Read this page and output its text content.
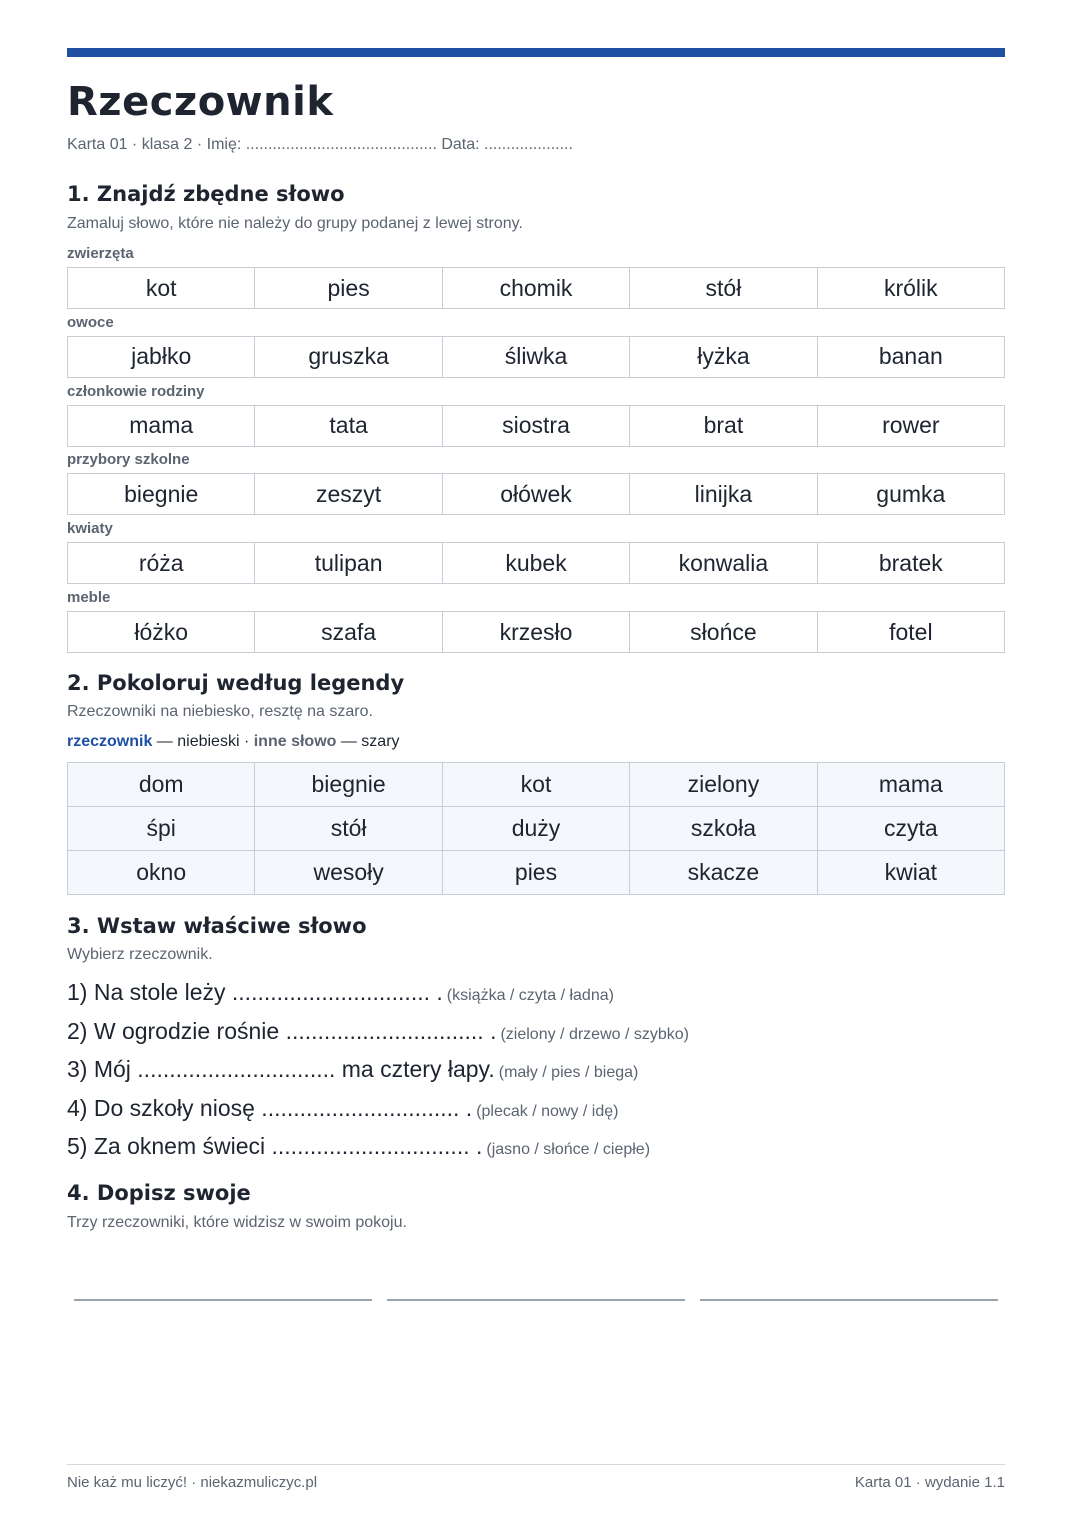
Rzeczownik
Karta 01 · klasa 2 · Imię: ........................................... Data: ....................
1. Znajdź zbędne słowo
Zamaluj słowo, które nie należy do grupy podanej z lewej strony.
zwierzęta
kot	pies	chomik	stół	królik
owoce
jabłko	gruszka	śliwka	łyżka	banan
członkowie rodziny
mama	tata	siostra	brat	rower
przybory szkolne
biegnie	zeszyt	ołówek	linijka	gumka
kwiaty
róża	tulipan	kubek	konwalia	bratek
meble
łóżko	szafa	krzesło	słońce	fotel
2. Pokoloruj według legendy
Rzeczowniki na niebiesko, resztę na szaro.
rzeczownik — niebieski · inne słowo — szary
dom	biegnie	kot	zielony	mama
śpi	stół	duży	szkoła	czyta
okno	wesoły	pies	skacze	kwiat
3. Wstaw właściwe słowo
Wybierz rzeczownik.
1) Na stole leży ............................... . (książka / czyta / ładna)
2) W ogrodzie rośnie ............................... . (zielony / drzewo / szybko)
3) Mój ............................... ma cztery łapy. (mały / pies / biega)
4) Do szkoły niosę ............................... . (plecak / nowy / idę)
5) Za oknem świeci ............................... . (jasno / słońce / ciepłe)
4. Dopisz swoje
Trzy rzeczowniki, które widzisz w swoim pokoju.
Nie każ mu liczyć! · niekazmuliczyc.pl	Karta 01 · wydanie 1.1
